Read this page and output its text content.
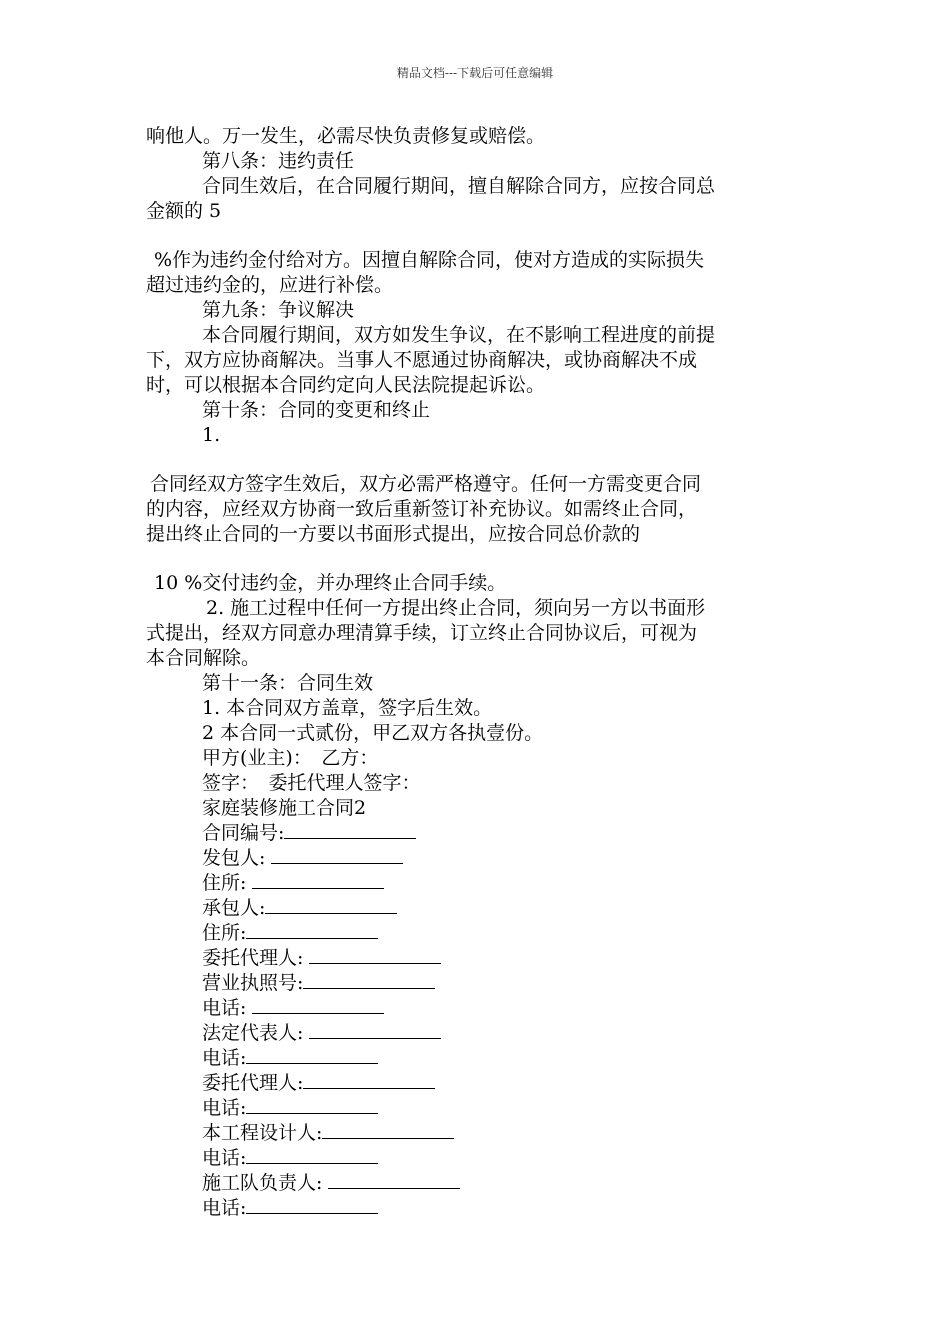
精品文档---下载后可任意编辑

响他人。万一发生，必需尽快负责修复或赔偿。

第八条：违约责任

合同生效后，在合同履行期间，擅自解除合同方，应按合同总

金额的 5

%作为违约金付给对方。因擅自解除合同，使对方造成的实际损失

超过违约金的，应进行补偿。

第九条：争议解决

本合同履行期间，双方如发生争议，在不影响工程进度的前提

下，双方应协商解决。当事人不愿通过协商解决，或协商解决不成

时，可以根据本合同约定向人民法院提起诉讼。

第十条：合同的变更和终止

1.

合同经双方签字生效后，双方必需严格遵守。任何一方需变更合同

的内容，应经双方协商一致后重新签订补充协议。如需终止合同，

提出终止合同的一方要以书面形式提出，应按合同总价款的

10 %交付违约金，并办理终止合同手续。

2. 施工过程中任何一方提出终止合同，须向另一方以书面形

式提出，经双方同意办理清算手续，订立终止合同协议后，可视为

本合同解除。

第十一条：合同生效

1. 本合同双方盖章，签字后生效。

2 本合同一式贰份，甲乙双方各执壹份。

甲方(业主)：　乙方：

签字：　委托代理人签字：

家庭装修施工合同2

合同编号:
发包人:
住所:
承包人:
住所:
委托代理人:
营业执照号:
电话:
法定代表人:
电话:
委托代理人:
电话:
本工程设计人:
电话:
施工队负责人:
电话:
